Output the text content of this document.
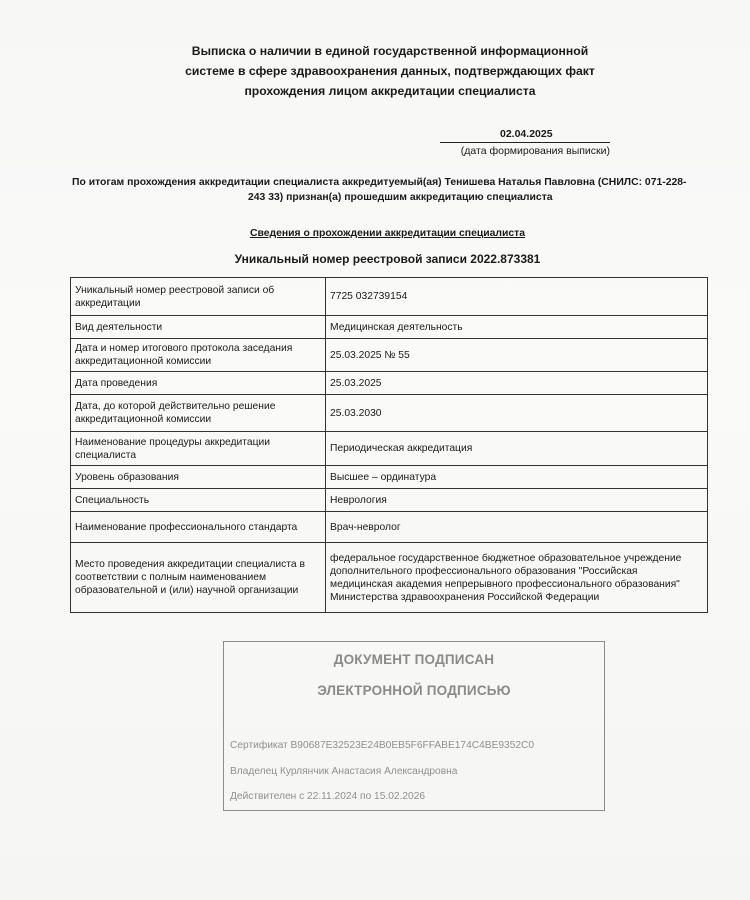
Выписка о наличии в единой государственной информационной
системе в сфере здравоохранения данных, подтверждающих факт
прохождения лицом аккредитации специалиста
02.04.2025
(дата формирования выписки)
По итогам прохождения аккредитации специалиста аккредитуемый(ая) Тенишева Наталья Павловна (СНИЛС: 071-228-
243 33) признан(а) прошедшим аккредитацию специалиста
Сведения о прохождении аккредитации специалиста
Уникальный номер реестровой записи 2022.873381
Уникальный номер реестровой записи об аккредитации	7725 032739154
Вид деятельности	Медицинская деятельность
Дата и номер итогового протокола заседания аккредитационной комиссии	25.03.2025 № 55
Дата проведения	25.03.2025
Дата, до которой действительно решение аккредитационной комиссии	25.03.2030
Наименование процедуры аккредитации специалиста	Периодическая аккредитация
Уровень образования	Высшее – ординатура
Специальность	Неврология
Наименование профессионального стандарта	Врач-невролог
Место проведения аккредитации специалиста в соответствии с полным наименованием образовательной и (или) научной организации	федеральное государственное бюджетное образовательное учреждение дополнительного профессионального образования "Российская медицинская академия непрерывного профессионального образования" Министерства здравоохранения Российской Федерации
ДОКУМЕНТ ПОДПИСАН
ЭЛЕКТРОННОЙ ПОДПИСЬЮ
Сертификат B90687E32523E24B0EB5F6FFABE174C4BE9352C0
Владелец Курлянчик Анастасия Александровна
Действителен с 22.11.2024 по 15.02.2026
